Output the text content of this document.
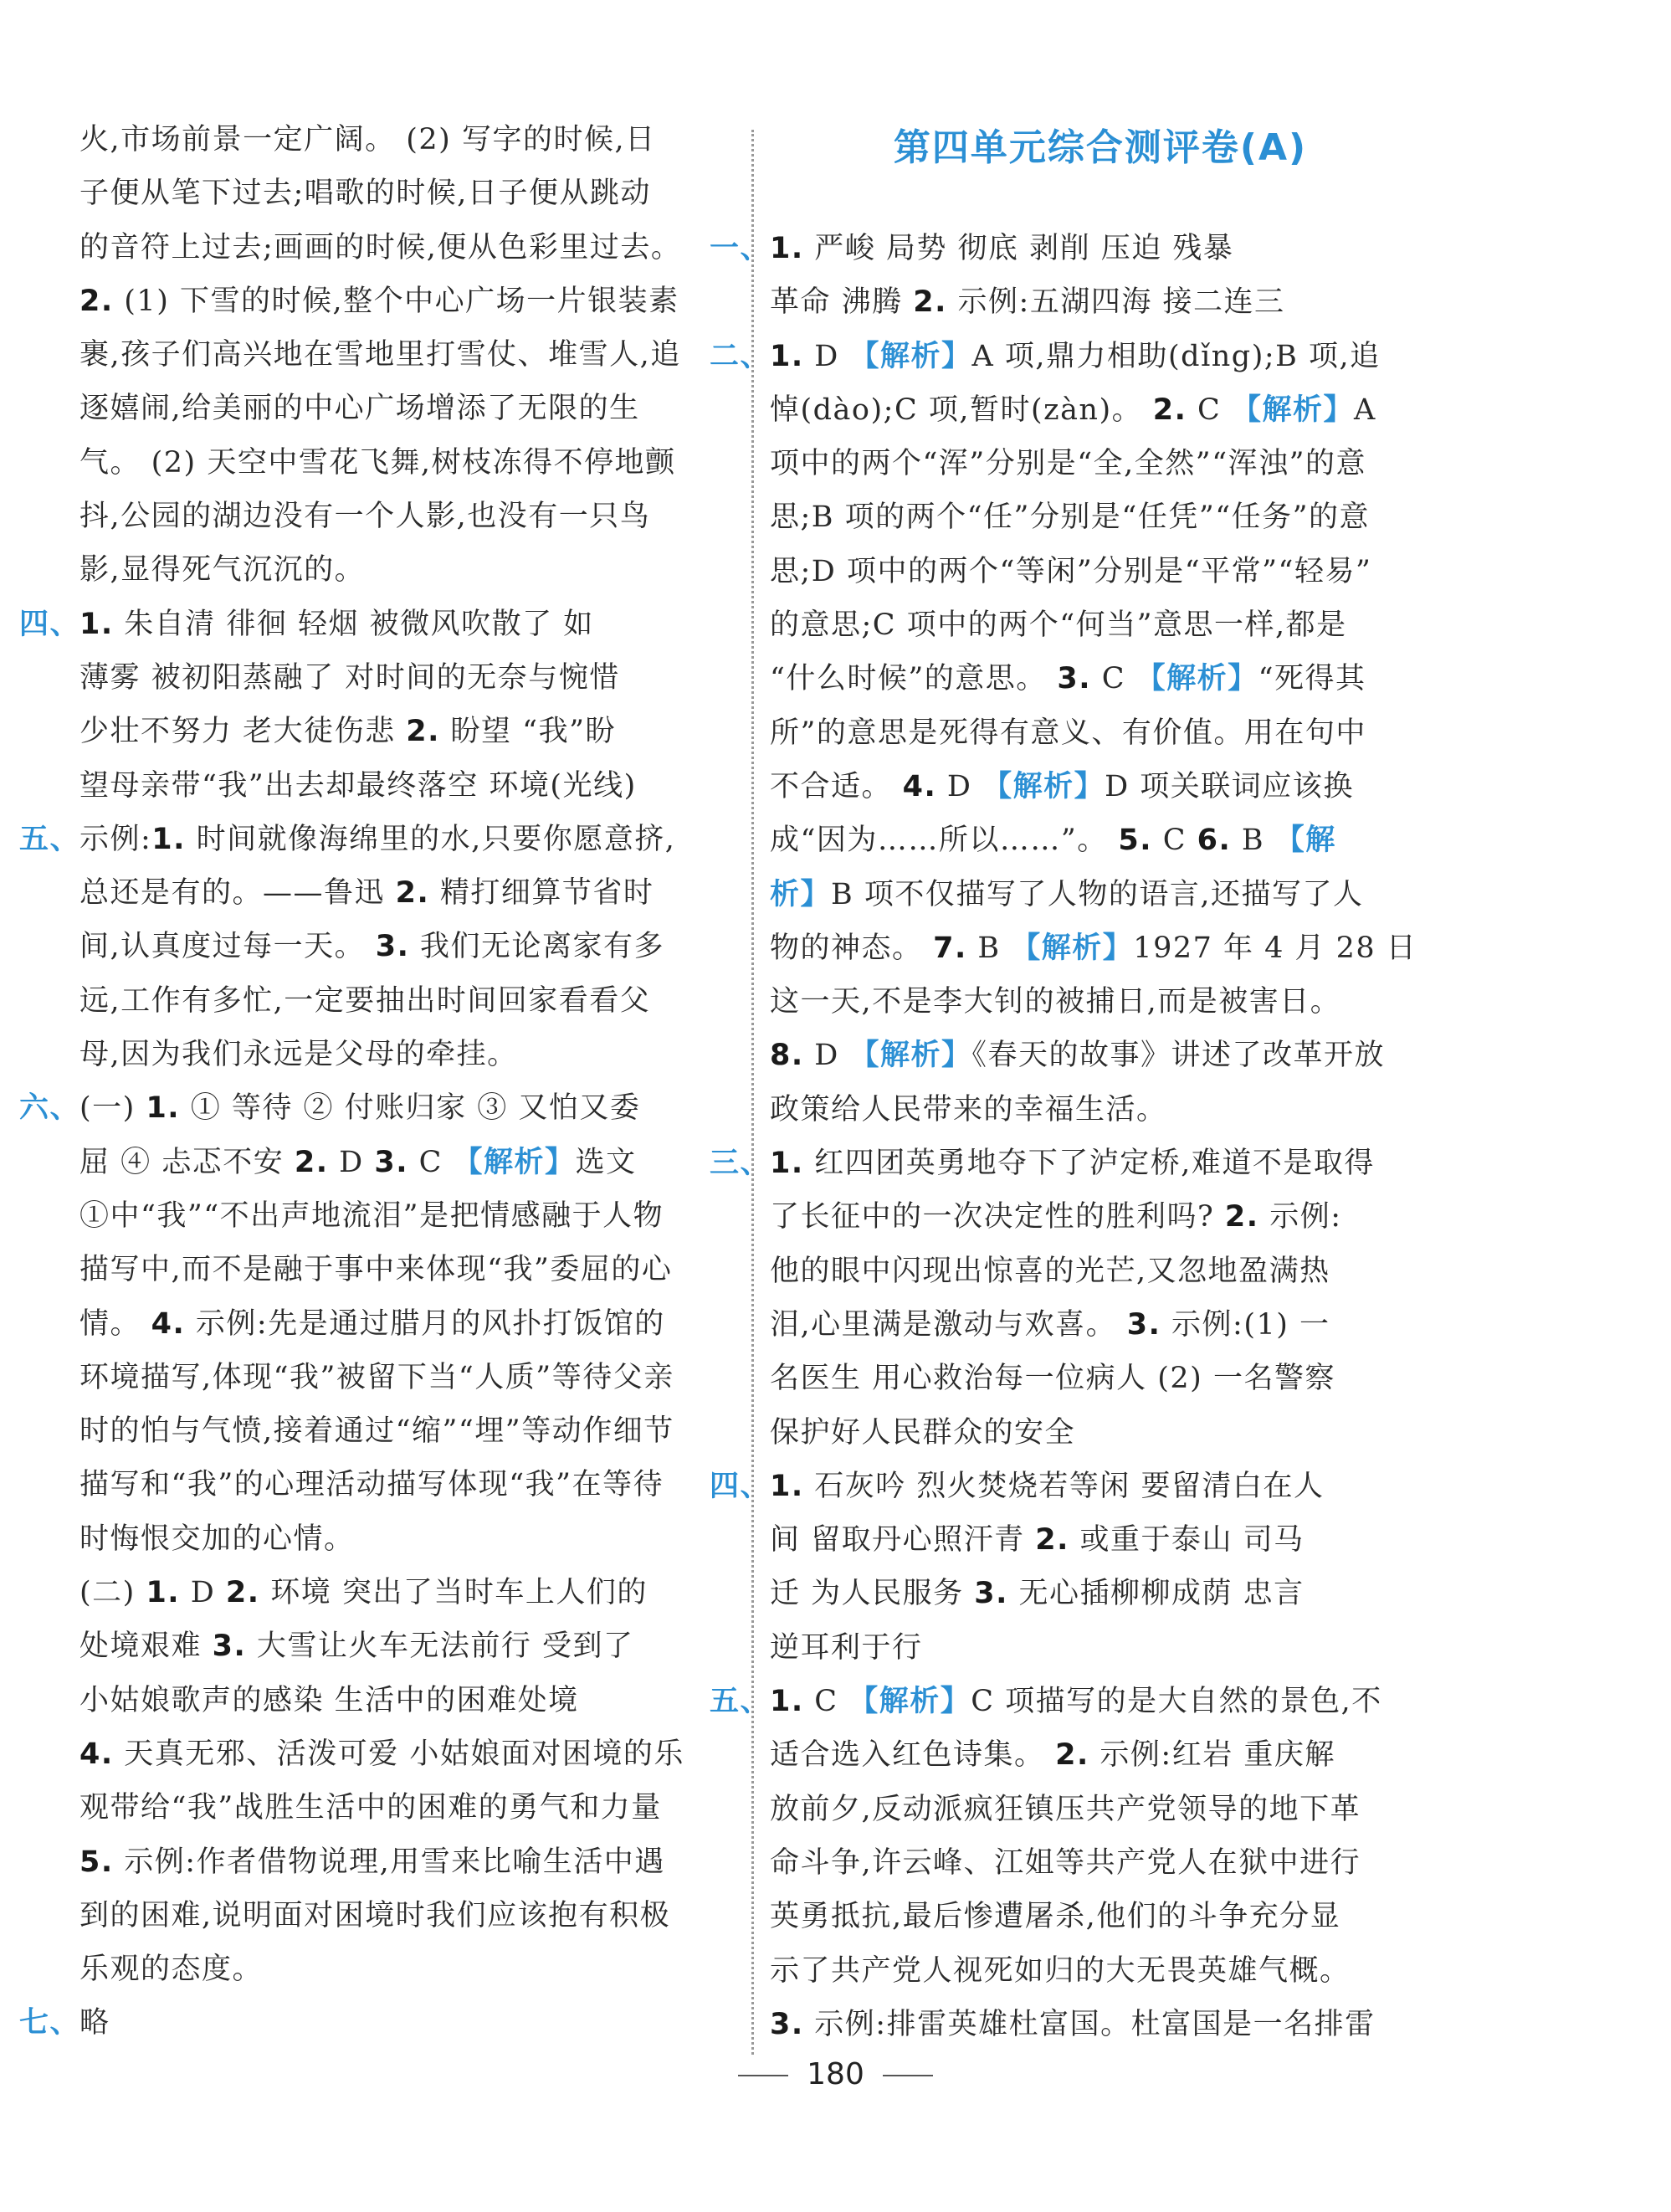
第四单元综合测评卷(A)
火,市场前景一定广阔。 (2) 写字的时候,日
子便从笔下过去;唱歌的时候,日子便从跳动
的音符上过去;画画的时候,便从色彩里过去。
2. (1) 下雪的时候,整个中心广场一片银装素
裹,孩子们高兴地在雪地里打雪仗、堆雪人,追
逐嬉闹,给美丽的中心广场增添了无限的生
气。 (2) 天空中雪花飞舞,树枝冻得不停地颤
抖,公园的湖边没有一个人影,也没有一只鸟
影,显得死气沉沉的。
四、
1. 朱自清 徘徊 轻烟 被微风吹散了 如
薄雾 被初阳蒸融了 对时间的无奈与惋惜
少壮不努力 老大徒伤悲 2. 盼望 “我”盼
望母亲带“我”出去却最终落空 环境(光线)
五、
示例:1. 时间就像海绵里的水,只要你愿意挤,
总还是有的。——鲁迅 2. 精打细算节省时
间,认真度过每一天。 3. 我们无论离家有多
远,工作有多忙,一定要抽出时间回家看看父
母,因为我们永远是父母的牵挂。
六、
(一) 1. ① 等待 ② 付账归家 ③ 又怕又委
屈 ④ 忐忑不安 2. D 3. C 【解析】选文
①中“我”“不出声地流泪”是把情感融于人物
描写中,而不是融于事中来体现“我”委屈的心
情。 4. 示例:先是通过腊月的风扑打饭馆的
环境描写,体现“我”被留下当“人质”等待父亲
时的怕与气愤,接着通过“缩”“埋”等动作细节
描写和“我”的心理活动描写体现“我”在等待
时悔恨交加的心情。
(二) 1. D 2. 环境 突出了当时车上人们的
处境艰难 3. 大雪让火车无法前行 受到了
小姑娘歌声的感染 生活中的困难处境
4. 天真无邪、活泼可爱 小姑娘面对困境的乐
观带给“我”战胜生活中的困难的勇气和力量
5. 示例:作者借物说理,用雪来比喻生活中遇
到的困难,说明面对困境时我们应该抱有积极
乐观的态度。
七、
略
一、
1. 严峻 局势 彻底 剥削 压迫 残暴
革命 沸腾 2. 示例:五湖四海 接二连三
二、
1. D 【解析】A 项,鼎力相助(dǐng);B 项,追
悼(dào);C 项,暂时(zàn)。 2. C 【解析】A
项中的两个“浑”分别是“全,全然”“浑浊”的意
思;B 项的两个“任”分别是“任凭”“任务”的意
思;D 项中的两个“等闲”分别是“平常”“轻易”
的意思;C 项中的两个“何当”意思一样,都是
“什么时候”的意思。 3. C 【解析】“死得其
所”的意思是死得有意义、有价值。用在句中
不合适。 4. D 【解析】D 项关联词应该换
成“因为……所以……”。 5. C 6. B 【解
析】B 项不仅描写了人物的语言,还描写了人
物的神态。 7. B 【解析】1927 年 4 月 28 日
这一天,不是李大钊的被捕日,而是被害日。
8. D 【解析】《春天的故事》讲述了改革开放
政策给人民带来的幸福生活。
三、
1. 红四团英勇地夺下了泸定桥,难道不是取得
了长征中的一次决定性的胜利吗? 2. 示例:
他的眼中闪现出惊喜的光芒,又忽地盈满热
泪,心里满是激动与欢喜。 3. 示例:(1) 一
名医生 用心救治每一位病人 (2) 一名警察
保护好人民群众的安全
四、
1. 石灰吟 烈火焚烧若等闲 要留清白在人
间 留取丹心照汗青 2. 或重于泰山 司马
迁 为人民服务 3. 无心插柳柳成荫 忠言
逆耳利于行
五、
1. C 【解析】C 项描写的是大自然的景色,不
适合选入红色诗集。 2. 示例:红岩 重庆解
放前夕,反动派疯狂镇压共产党领导的地下革
命斗争,许云峰、江姐等共产党人在狱中进行
英勇抵抗,最后惨遭屠杀,他们的斗争充分显
示了共产党人视死如归的大无畏英雄气概。
3. 示例:排雷英雄杜富国。杜富国是一名排雷
180
